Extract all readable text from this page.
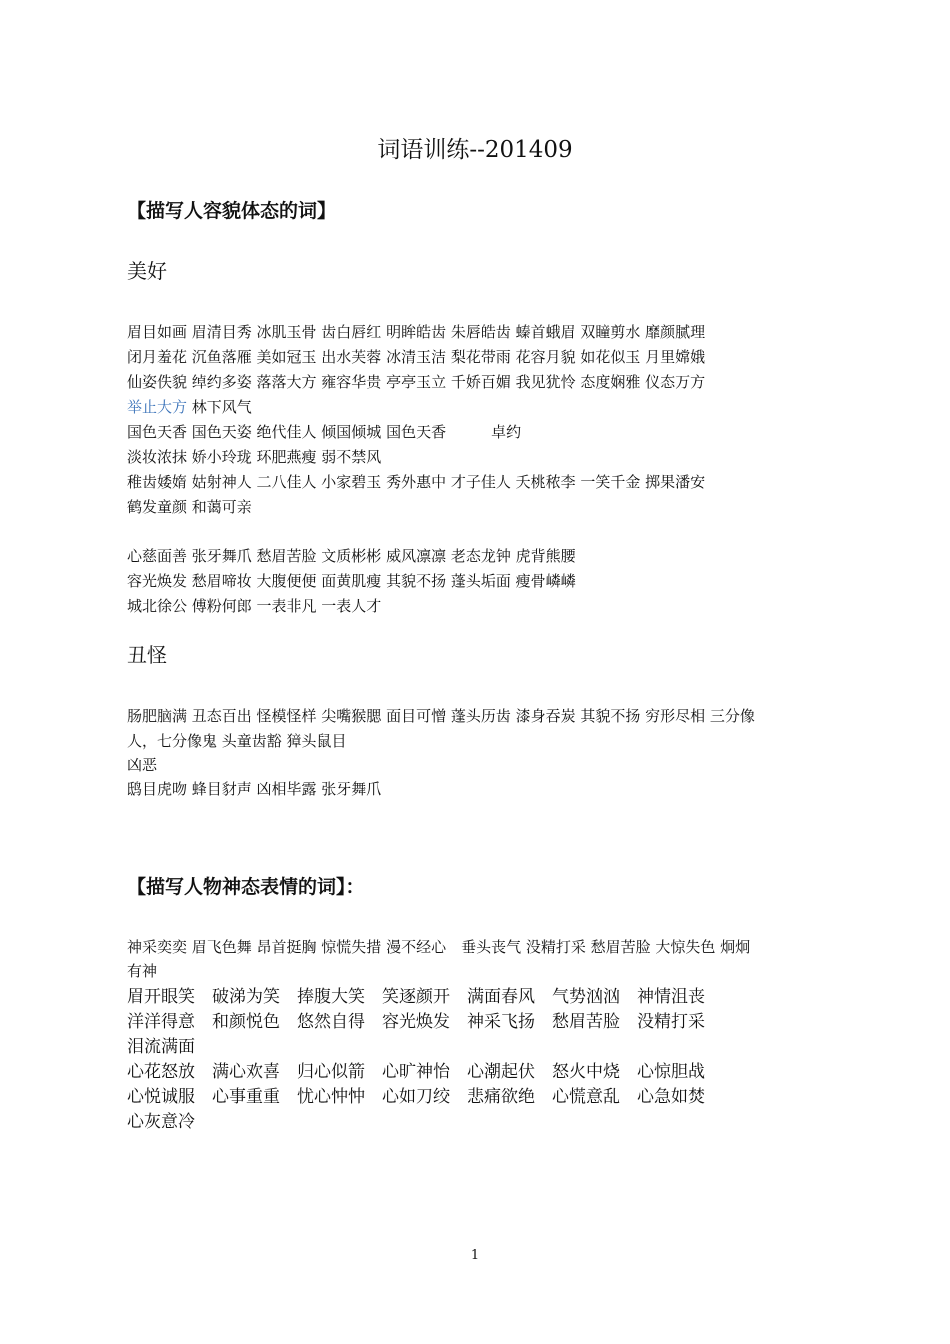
词语训练--201409
【描写人容貌体态的词】
美好
眉目如画 眉清目秀 冰肌玉骨 齿白唇红 明眸皓齿 朱唇皓齿 螓首蛾眉 双瞳剪水 靡颜腻理
闭月羞花 沉鱼落雁 美如冠玉 出水芙蓉 冰清玉洁 梨花带雨 花容月貌 如花似玉 月里嫦娥
仙姿佚貌 绰约多姿 落落大方 雍容华贵 亭亭玉立 千娇百媚 我见犹怜 态度娴雅 仪态万方
举止大方 林下风气
国色天香 国色天姿 绝代佳人 倾国倾城 国色天香　　　卓约
淡妆浓抹 娇小玲珑 环肥燕瘦 弱不禁风
稚齿婑媠 姑射神人 二八佳人 小家碧玉 秀外惠中 才子佳人 夭桃秾李 一笑千金 掷果潘安
鹤发童颜 和蔼可亲
心慈面善 张牙舞爪 愁眉苦脸 文质彬彬 威风凛凛 老态龙钟 虎背熊腰
容光焕发 愁眉啼妆 大腹便便 面黄肌瘦 其貌不扬 蓬头垢面 瘦骨嶙嶙
城北徐公 傅粉何郎 一表非凡 一表人才
丑怪
肠肥脑满 丑态百出 怪模怪样 尖嘴猴腮 面目可憎 蓬头历齿 漆身吞炭 其貌不扬 穷形尽相 三分像
人，七分像鬼 头童齿豁 獐头鼠目
凶恶
鸱目虎吻 蜂目豺声 凶相毕露 张牙舞爪
【描写人物神态表情的词】：
神采奕奕 眉飞色舞 昂首挺胸 惊慌失措 漫不经心　垂头丧气 没精打采 愁眉苦脸 大惊失色 炯炯
有神
眉开眼笑　破涕为笑　捧腹大笑　笑逐颜开　满面春风　气势汹汹　神情沮丧
洋洋得意　和颜悦色　悠然自得　容光焕发　神采飞扬　愁眉苦脸　没精打采
泪流满面
心花怒放　满心欢喜　归心似箭　心旷神怡　心潮起伏　怒火中烧　心惊胆战
心悦诚服　心事重重　忧心忡忡　心如刀绞　悲痛欲绝　心慌意乱　心急如焚
心灰意冷
1
